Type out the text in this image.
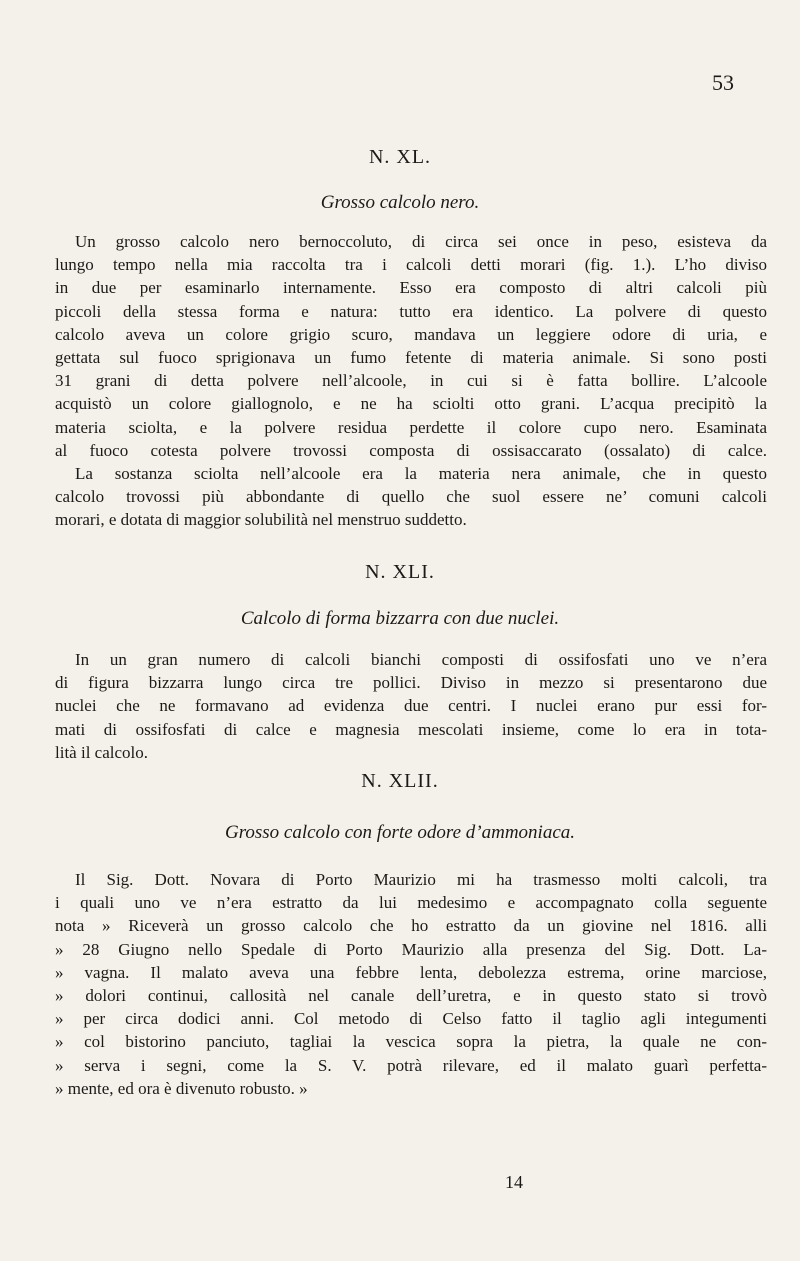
53
N. XL.
Grosso calcolo nero.
Un grosso calcolo nero bernoccoluto, di circa sei once in peso, esisteva da
lungo tempo nella mia raccolta tra i calcoli detti morari (fig. 1.). L’ho diviso
in due per esaminarlo internamente. Esso era composto di altri calcoli più
piccoli della stessa forma e natura: tutto era identico. La polvere di questo
calcolo aveva un colore grigio scuro, mandava un leggiere odore di uria, e
gettata sul fuoco sprigionava un fumo fetente di materia animale. Si sono posti
31 grani di detta polvere nell’alcoole, in cui si è fatta bollire. L’alcoole
acquistò un colore giallognolo, e ne ha sciolti otto grani. L’acqua precipitò la
materia sciolta, e la polvere residua perdette il colore cupo nero. Esaminata
al fuoco cotesta polvere trovossi composta di ossisaccarato (ossalato) di calce.
La sostanza sciolta nell’alcoole era la materia nera animale, che in questo
calcolo trovossi più abbondante di quello che suol essere ne’ comuni calcoli
morari, e dotata di maggior solubilità nel menstruo suddetto.
N. XLI.
Calcolo di forma bizzarra con due nuclei.
In un gran numero di calcoli bianchi composti di ossifosfati uno ve n’era
di figura bizzarra lungo circa tre pollici. Diviso in mezzo si presentarono due
nuclei che ne formavano ad evidenza due centri. I nuclei erano pur essi for-
mati di ossifosfati di calce e magnesia mescolati insieme, come lo era in tota-
lità il calcolo.
N. XLII.
Grosso calcolo con forte odore d’ammoniaca.
Il Sig. Dott. Novara di Porto Maurizio mi ha trasmesso molti calcoli, tra
i quali uno ve n’era estratto da lui medesimo e accompagnato colla seguente
nota » Riceverà un grosso calcolo che ho estratto da un giovine nel 1816. alli
» 28 Giugno nello Spedale di Porto Maurizio alla presenza del Sig. Dott. La-
» vagna. Il malato aveva una febbre lenta, debolezza estrema, orine marciose,
» dolori continui, callosità nel canale dell’uretra, e in questo stato si trovò
» per circa dodici anni. Col metodo di Celso fatto il taglio agli integumenti
» col bistorino panciuto, tagliai la vescica sopra la pietra, la quale ne con-
» serva i segni, come la S. V. potrà rilevare, ed il malato guarì perfetta-
» mente, ed ora è divenuto robusto. »
14
